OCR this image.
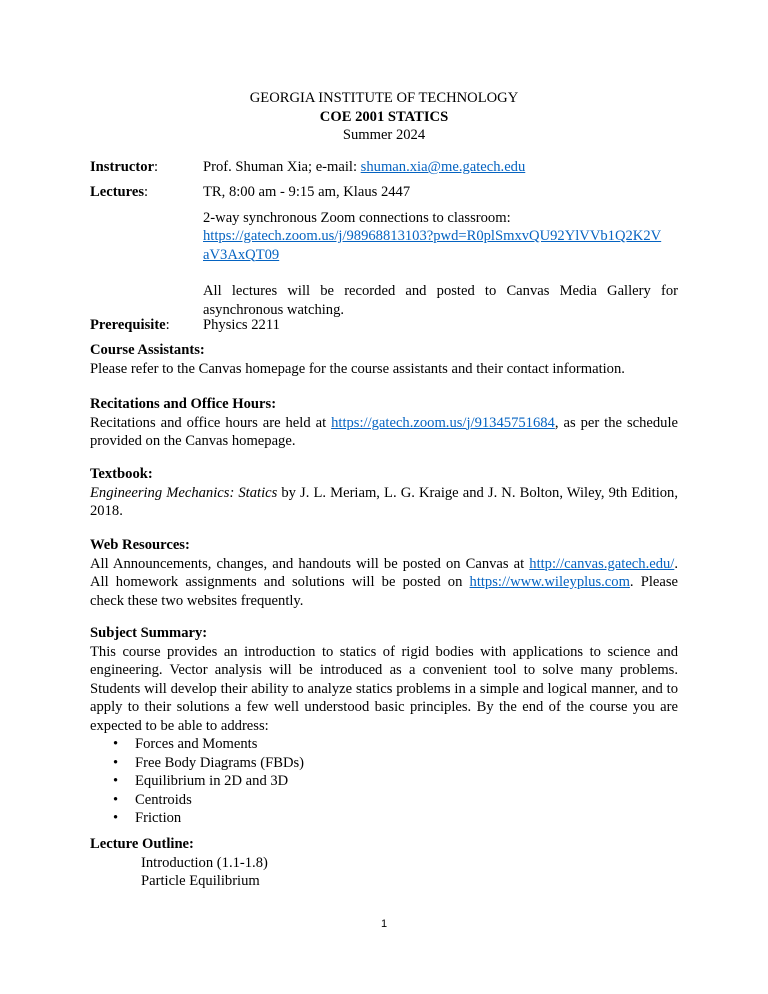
GEORGIA INSTITUTE OF TECHNOLOGY
COE 2001 STATICS
Summer 2024
Instructor:	Prof. Shuman Xia; e-mail: shuman.xia@me.gatech.edu
Lectures:	TR, 8:00 am - 9:15 am, Klaus 2447
2-way synchronous Zoom connections to classroom:
https://gatech.zoom.us/j/98968813103?pwd=R0plSmxvQU92YlVVb1Q2K2V
aV3AxQT09
All lectures will be recorded and posted to Canvas Media Gallery for asynchronous watching.
Prerequisite:	Physics 2211
Course Assistants:

Please refer to the Canvas homepage for the course assistants and their contact information.

Recitations and Office Hours:

Recitations and office hours are held at https://gatech.zoom.us/j/91345751684, as per the schedule provided on the Canvas homepage.

Textbook:

Engineering Mechanics: Statics by J. L. Meriam, L. G. Kraige and J. N. Bolton, Wiley, 9th Edition, 2018.

Web Resources:

All Announcements, changes, and handouts will be posted on Canvas at http://canvas.gatech.edu/. All homework assignments and solutions will be posted on https://www.wileyplus.com. Please check these two websites frequently.

Subject Summary:

This course provides an introduction to statics of rigid bodies with applications to science and engineering. Vector analysis will be introduced as a convenient tool to solve many problems. Students will develop their ability to analyze statics problems in a simple and logical manner, and to apply to their solutions a few well understood basic principles. By the end of the course you are expected to be able to address:

• Forces and Moments
• Free Body Diagrams (FBDs)
• Equilibrium in 2D and 3D
• Centroids
• Friction
Lecture Outline:
Introduction (1.1-1.8)
Particle Equilibrium
1
